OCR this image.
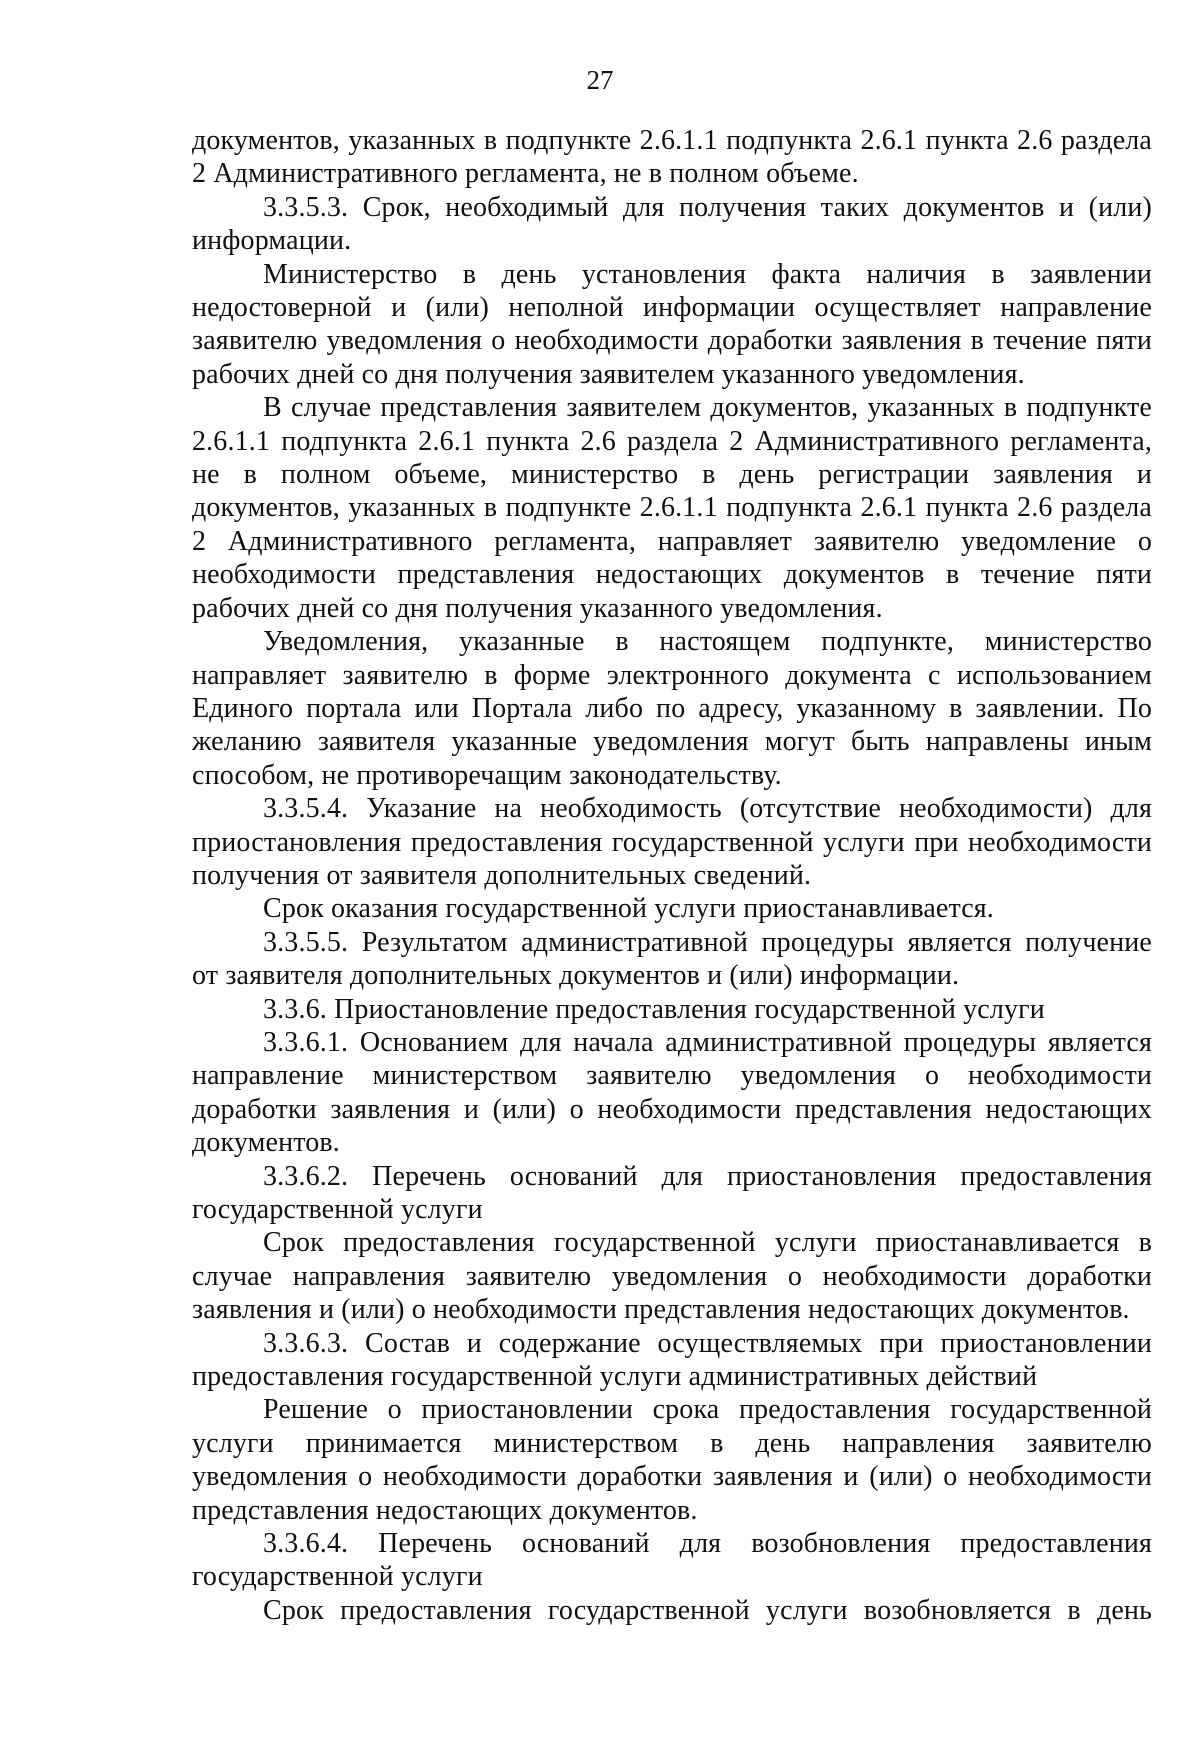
27

документов, указанных в подпункте 2.6.1.1 подпункта 2.6.1 пункта 2.6 раздела 2 Административного регламента, не в полном объеме.

3.3.5.3. Срок, необходимый для получения таких документов и (или) информации.

Министерство в день установления факта наличия в заявлении недостоверной и (или) неполной информации осуществляет направление заявителю уведомления о необходимости доработки заявления в течение пяти рабочих дней со дня получения заявителем указанного уведомления.

В случае представления заявителем документов, указанных в подпункте 2.6.1.1 подпункта 2.6.1 пункта 2.6 раздела 2 Административного регламента, не в полном объеме, министерство в день регистрации заявления и документов, указанных в подпункте 2.6.1.1 подпункта 2.6.1 пункта 2.6 раздела 2 Административного регламента, направляет заявителю уведомление о необходимости представления недостающих документов в течение пяти рабочих дней со дня получения указанного уведомления.

Уведомления, указанные в настоящем подпункте, министерство направляет заявителю в форме электронного документа с использованием Единого портала или Портала либо по адресу, указанному в заявлении. По желанию заявителя указанные уведомления могут быть направлены иным способом, не противоречащим законодательству.

3.3.5.4. Указание на необходимость (отсутствие необходимости) для приостановления предоставления государственной услуги при необходимости получения от заявителя дополнительных сведений.

Срок оказания государственной услуги приостанавливается.

3.3.5.5. Результатом административной процедуры является получение от заявителя дополнительных документов и (или) информации.

3.3.6. Приостановление предоставления государственной услуги

3.3.6.1. Основанием для начала административной процедуры является направление министерством заявителю уведомления о необходимости доработки заявления и (или) о необходимости представления недостающих документов.

3.3.6.2. Перечень оснований для приостановления предоставления государственной услуги

Срок предоставления государственной услуги приостанавливается в случае направления заявителю уведомления о необходимости доработки заявления и (или) о необходимости представления недостающих документов.

3.3.6.3. Состав и содержание осуществляемых при приостановлении предоставления государственной услуги административных действий

Решение о приостановлении срока предоставления государственной услуги принимается министерством в день направления заявителю уведомления о необходимости доработки заявления и (или) о необходимости представления недостающих документов.

3.3.6.4. Перечень оснований для возобновления предоставления государственной услуги

Срок предоставления государственной услуги возобновляется в день
